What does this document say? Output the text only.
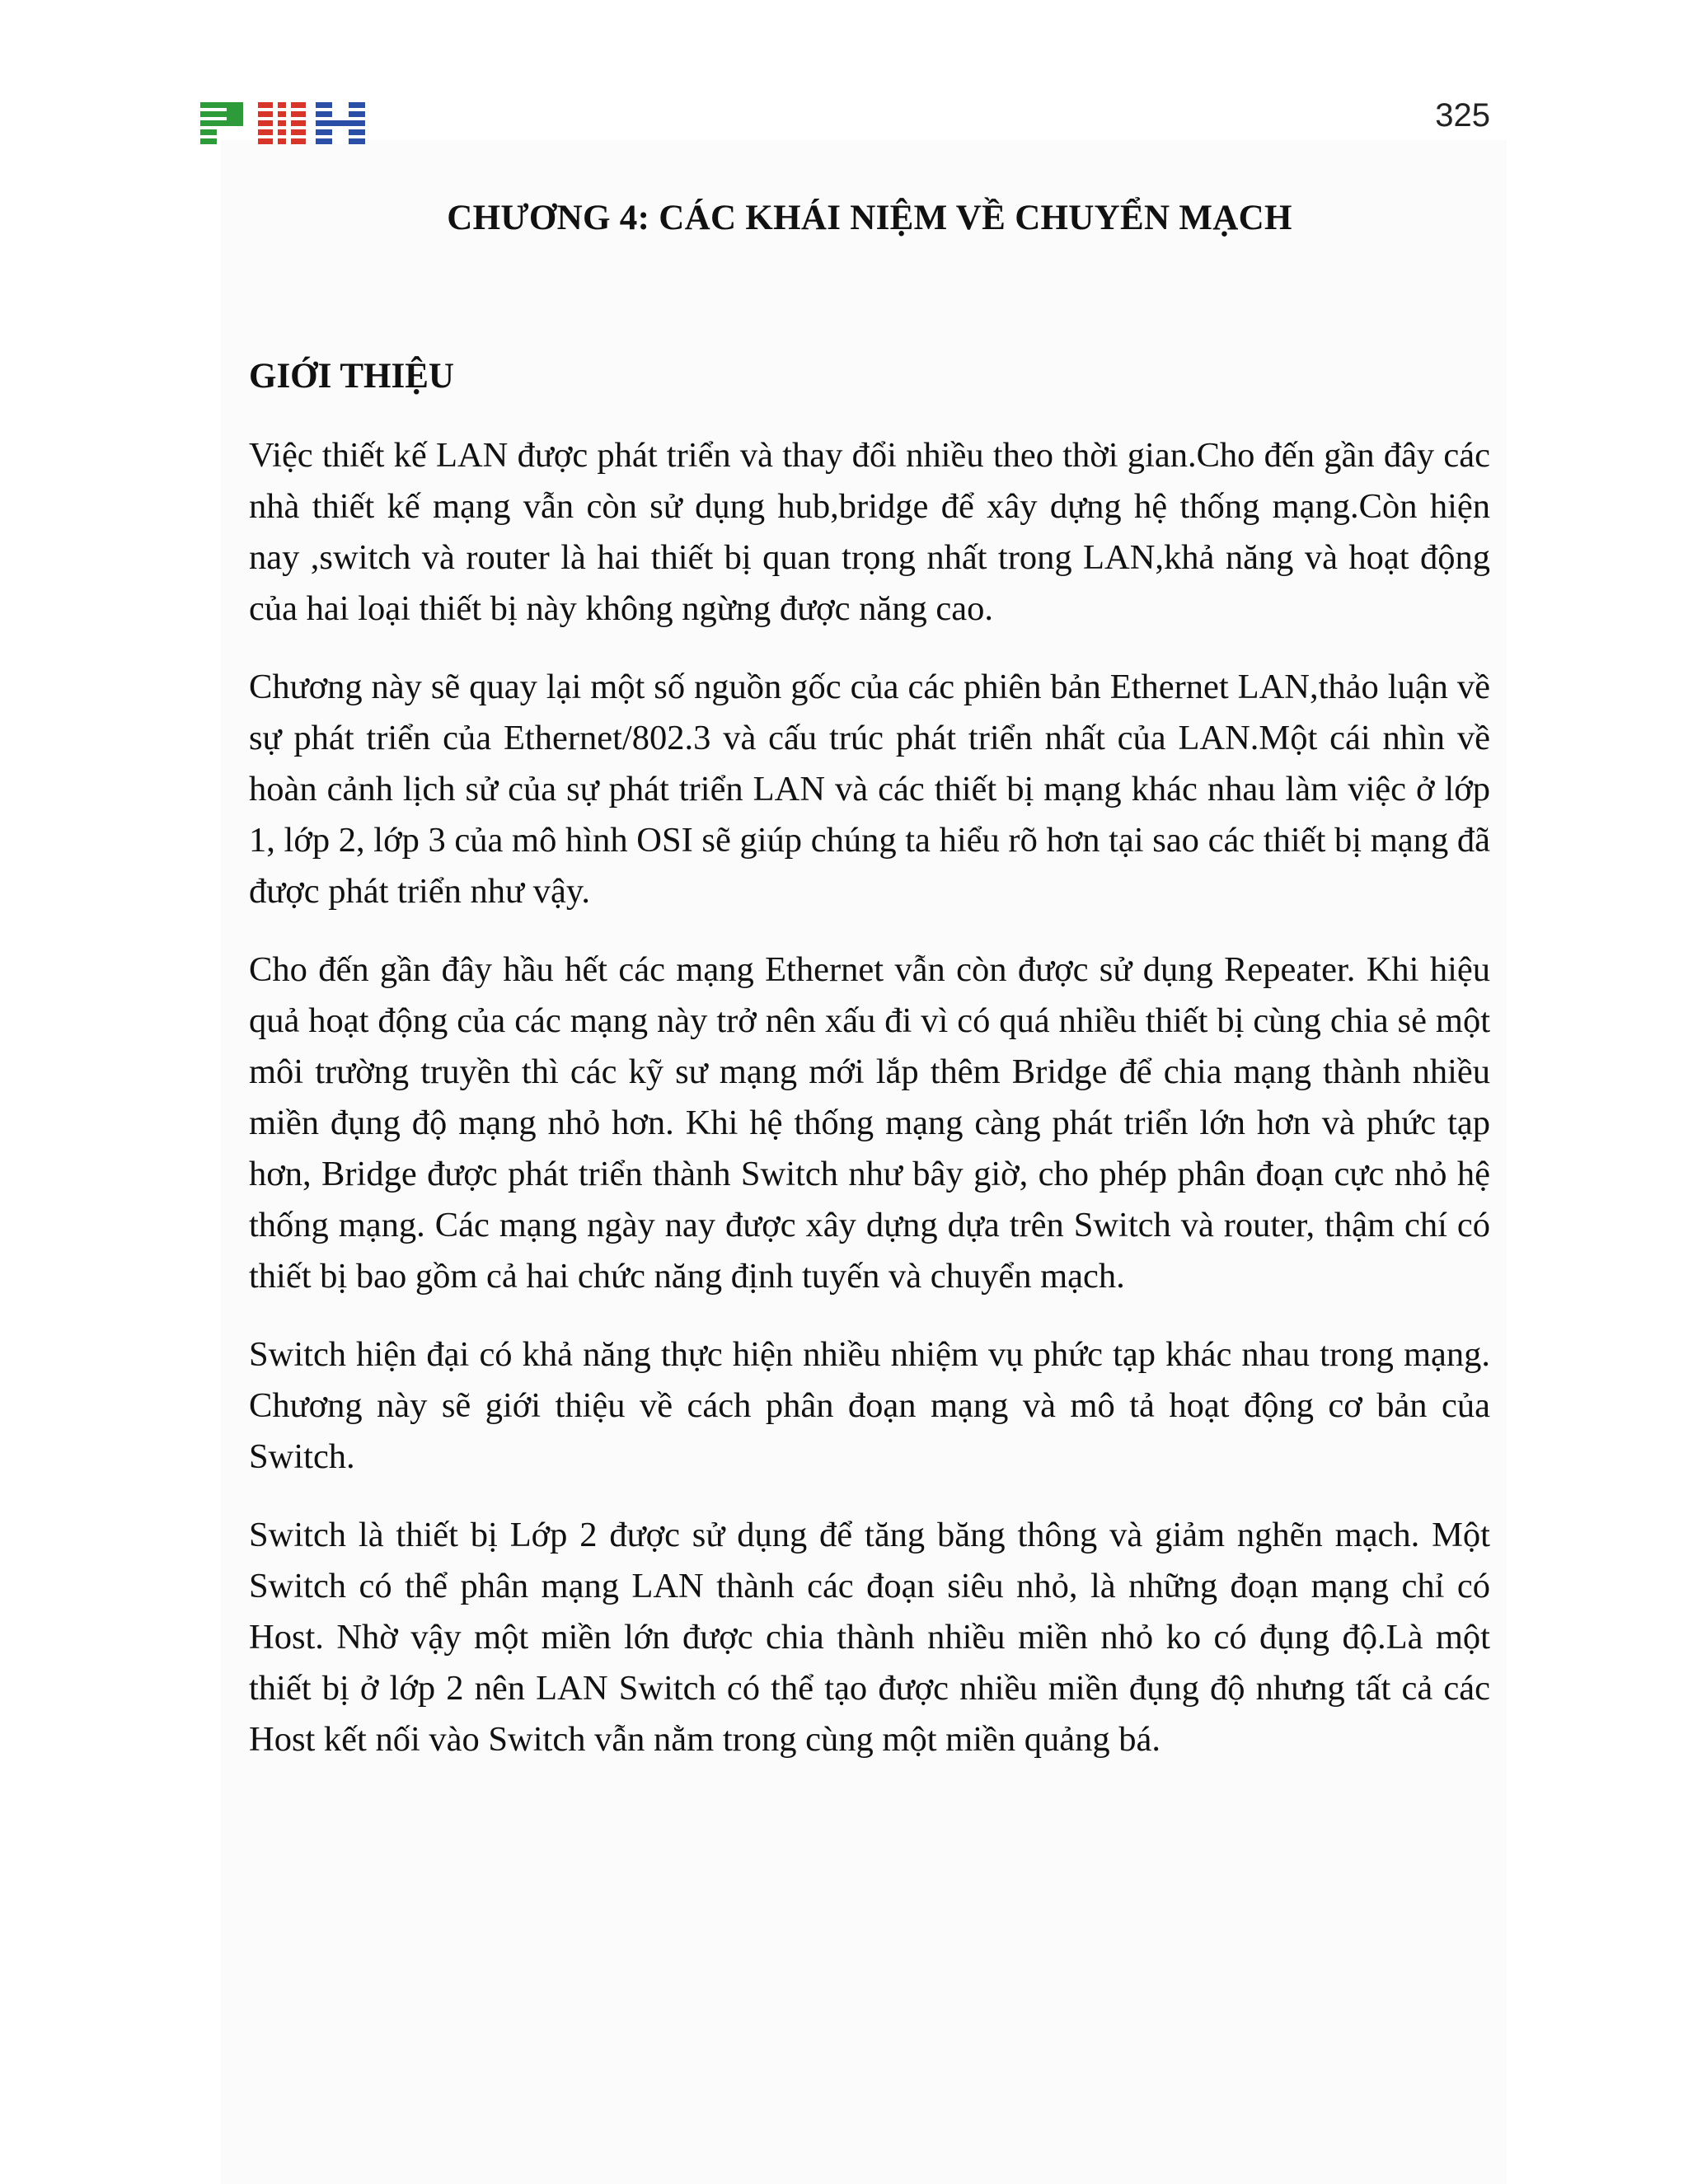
325
CHƯƠNG 4: CÁC KHÁI NIỆM VỀ CHUYỂN MẠCH
GIỚI THIỆU

Việc thiết kế LAN được phát triển và thay đổi nhiều theo thời gian.Cho đến gần đây các nhà thiết kế mạng vẫn còn sử dụng hub,bridge để xây dựng hệ thống mạng.Còn hiện nay ,switch và router là hai thiết bị quan trọng nhất trong LAN,khả năng và hoạt động của hai loại thiết bị này không ngừng được năng cao.

Chương này sẽ quay lại một số nguồn gốc của các phiên bản Ethernet LAN,thảo luận về sự phát triển của Ethernet/802.3 và cấu trúc phát triển nhất của LAN.Một cái nhìn về hoàn cảnh lịch sử của sự phát triển LAN và các thiết bị mạng khác nhau làm việc ở lớp 1, lớp 2, lớp 3 của mô hình OSI sẽ giúp chúng ta hiểu rõ hơn tại sao các thiết bị mạng đã được phát triển như vậy.

Cho đến gần đây hầu hết các mạng Ethernet vẫn còn được sử dụng Repeater. Khi hiệu quả hoạt động của các mạng này trở nên xấu đi vì có quá nhiều thiết bị cùng chia sẻ một môi trường truyền thì các kỹ sư mạng mới lắp thêm Bridge để chia mạng thành nhiều miền đụng độ mạng nhỏ hơn. Khi hệ thống mạng càng phát triển lớn hơn và phức tạp hơn, Bridge được phát triển thành Switch như bây giờ, cho phép phân đoạn cực nhỏ hệ thống mạng. Các mạng ngày nay được xây dựng dựa trên Switch và router, thậm chí có thiết bị bao gồm cả hai chức năng định tuyến và chuyển mạch.

Switch hiện đại có khả năng thực hiện nhiều nhiệm vụ phức tạp khác nhau trong mạng. Chương này sẽ giới thiệu về cách phân đoạn mạng và mô tả hoạt động cơ bản của Switch.

Switch là thiết bị Lớp 2 được sử dụng để tăng băng thông và giảm nghẽn mạch. Một Switch có thể phân mạng LAN thành các đoạn siêu nhỏ, là những đoạn mạng chỉ có Host. Nhờ vậy một miền lớn được chia thành nhiều miền nhỏ ko có đụng độ.Là một thiết bị ở lớp 2 nên LAN Switch có thể tạo được nhiều miền đụng độ nhưng tất cả các Host kết nối vào Switch vẫn nằm trong cùng một miền quảng bá.
